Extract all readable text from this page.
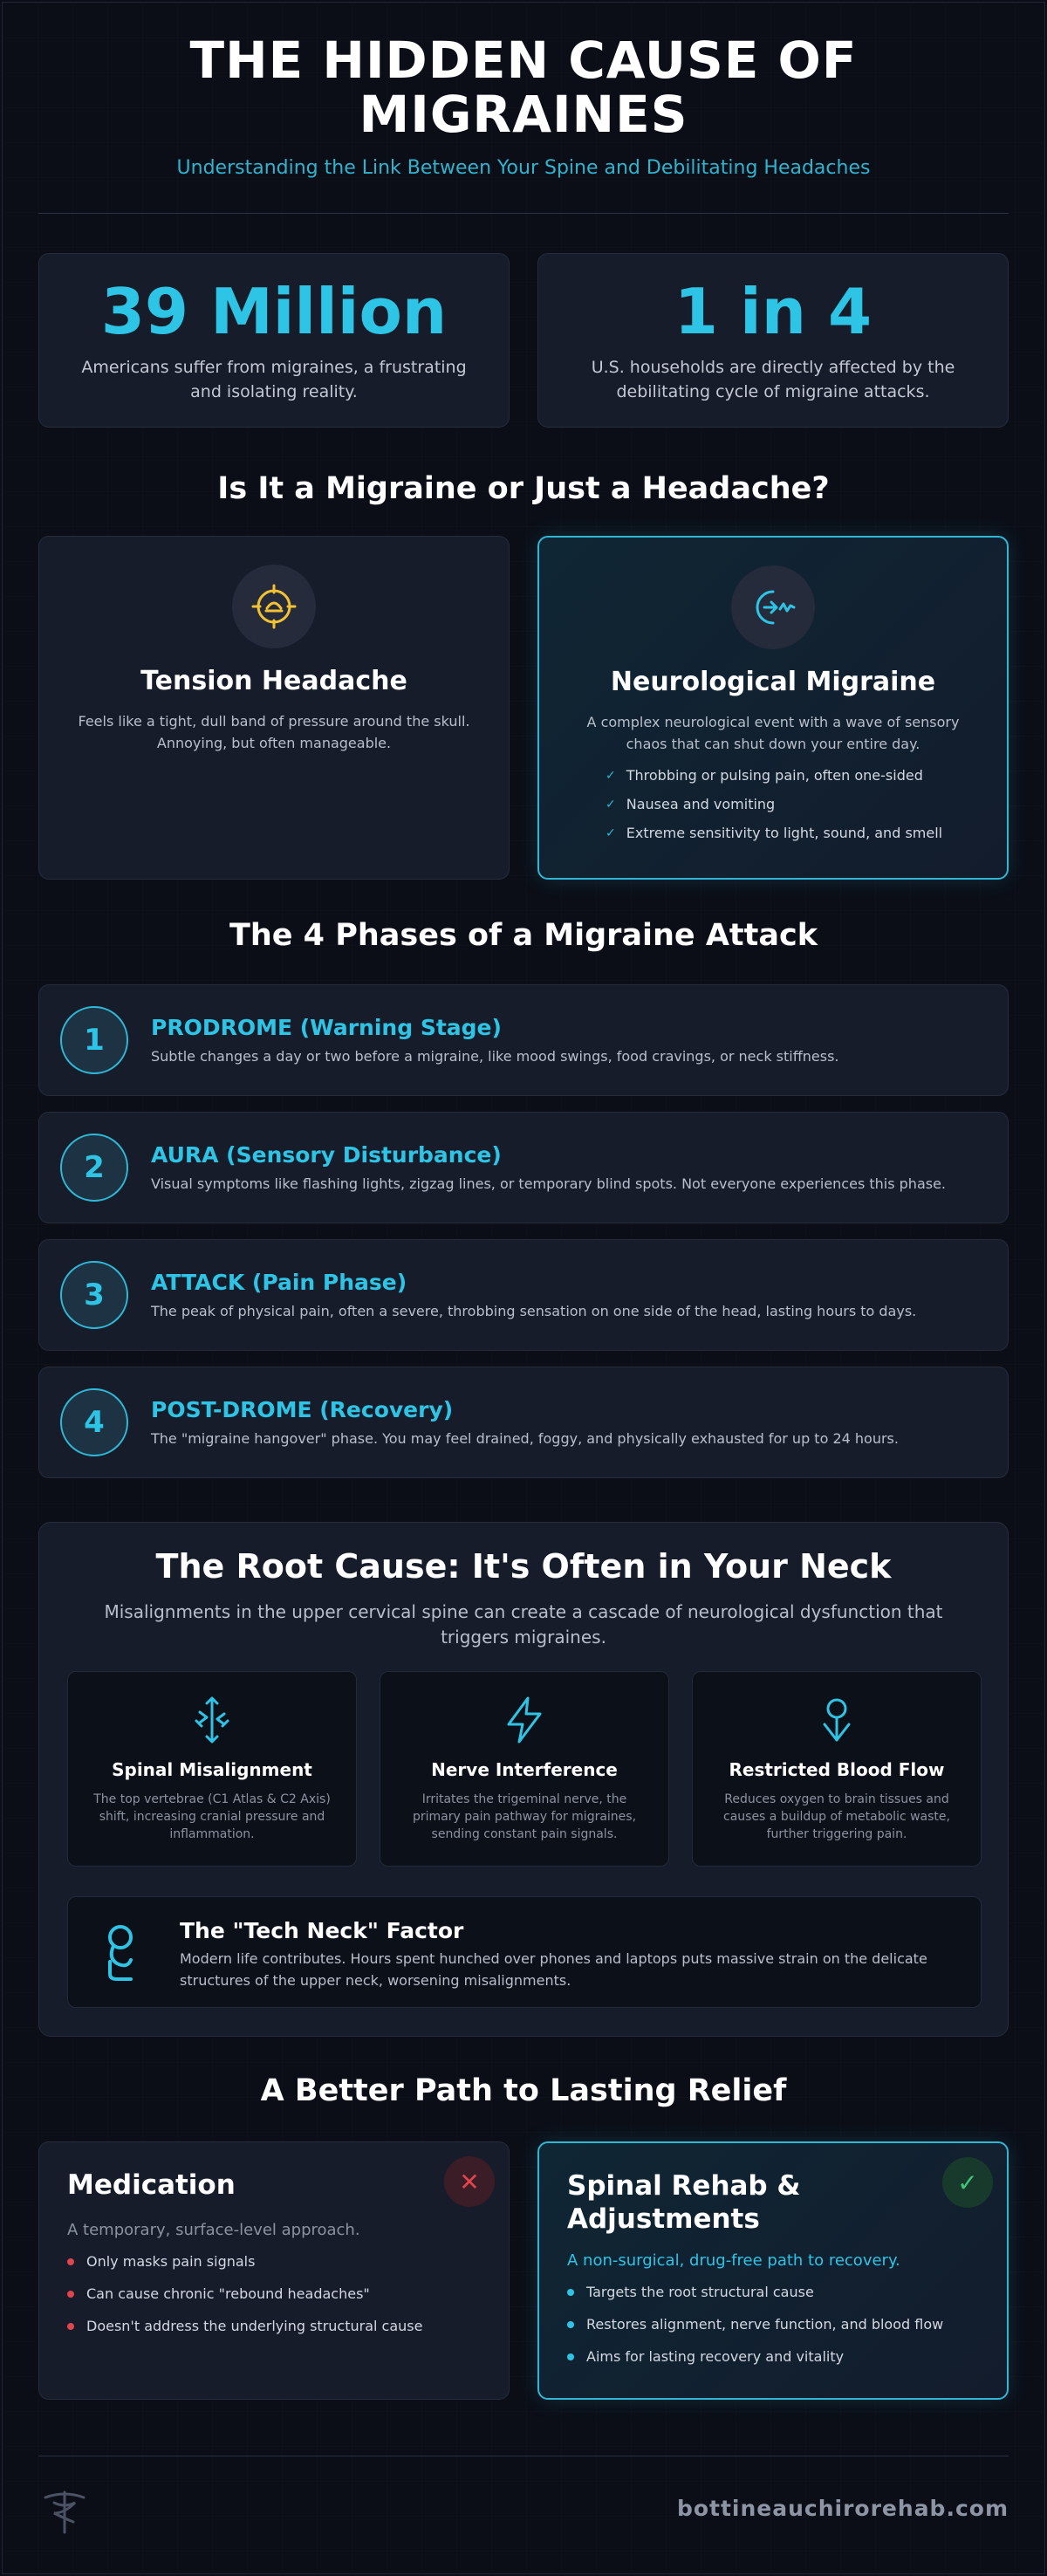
THE HIDDEN CAUSE OF
MIGRAINES
Understanding the Link Between Your Spine and Debilitating Headaches
39 Million
Americans suffer from migraines, a frustrating and isolating reality.
1 in 4
U.S. households are directly affected by the debilitating cycle of migraine attacks.
Is It a Migraine or Just a Headache?
Tension Headache
Feels like a tight, dull band of pressure around the skull. Annoying, but often manageable.
Neurological Migraine
A complex neurological event with a wave of sensory chaos that can shut down your entire day.
✓ Throbbing or pulsing pain, often one-sided
✓ Nausea and vomiting
✓ Extreme sensitivity to light, sound, and smell
The 4 Phases of a Migraine Attack
1	PRODROME (Warning Stage)
Subtle changes a day or two before a migraine, like mood swings, food cravings, or neck stiffness.
2	AURA (Sensory Disturbance)
Visual symptoms like flashing lights, zigzag lines, or temporary blind spots. Not everyone experiences this phase.
3	ATTACK (Pain Phase)
The peak of physical pain, often a severe, throbbing sensation on one side of the head, lasting hours to days.
4	POST-DROME (Recovery)
The "migraine hangover" phase. You may feel drained, foggy, and physically exhausted for up to 24 hours.
The Root Cause: It's Often in Your Neck
Misalignments in the upper cervical spine can create a cascade of neurological dysfunction that triggers migraines.
Spinal Misalignment
The top vertebrae (C1 Atlas & C2 Axis) shift, increasing cranial pressure and inflammation.
Nerve Interference
Irritates the trigeminal nerve, the primary pain pathway for migraines, sending constant pain signals.
Restricted Blood Flow
Reduces oxygen to brain tissues and causes a buildup of metabolic waste, further triggering pain.
The "Tech Neck" Factor
Modern life contributes. Hours spent hunched over phones and laptops puts massive strain on the delicate structures of the upper neck, worsening misalignments.
A Better Path to Lasting Relief
✕
Medication
A temporary, surface-level approach.
Only masks pain signals
Can cause chronic "rebound headaches"
Doesn't address the underlying structural cause
✓
Spinal Rehab &
Adjustments
A non-surgical, drug-free path to recovery.
Targets the root structural cause
Restores alignment, nerve function, and blood flow
Aims for lasting recovery and vitality
bottineauchirorehab.com
